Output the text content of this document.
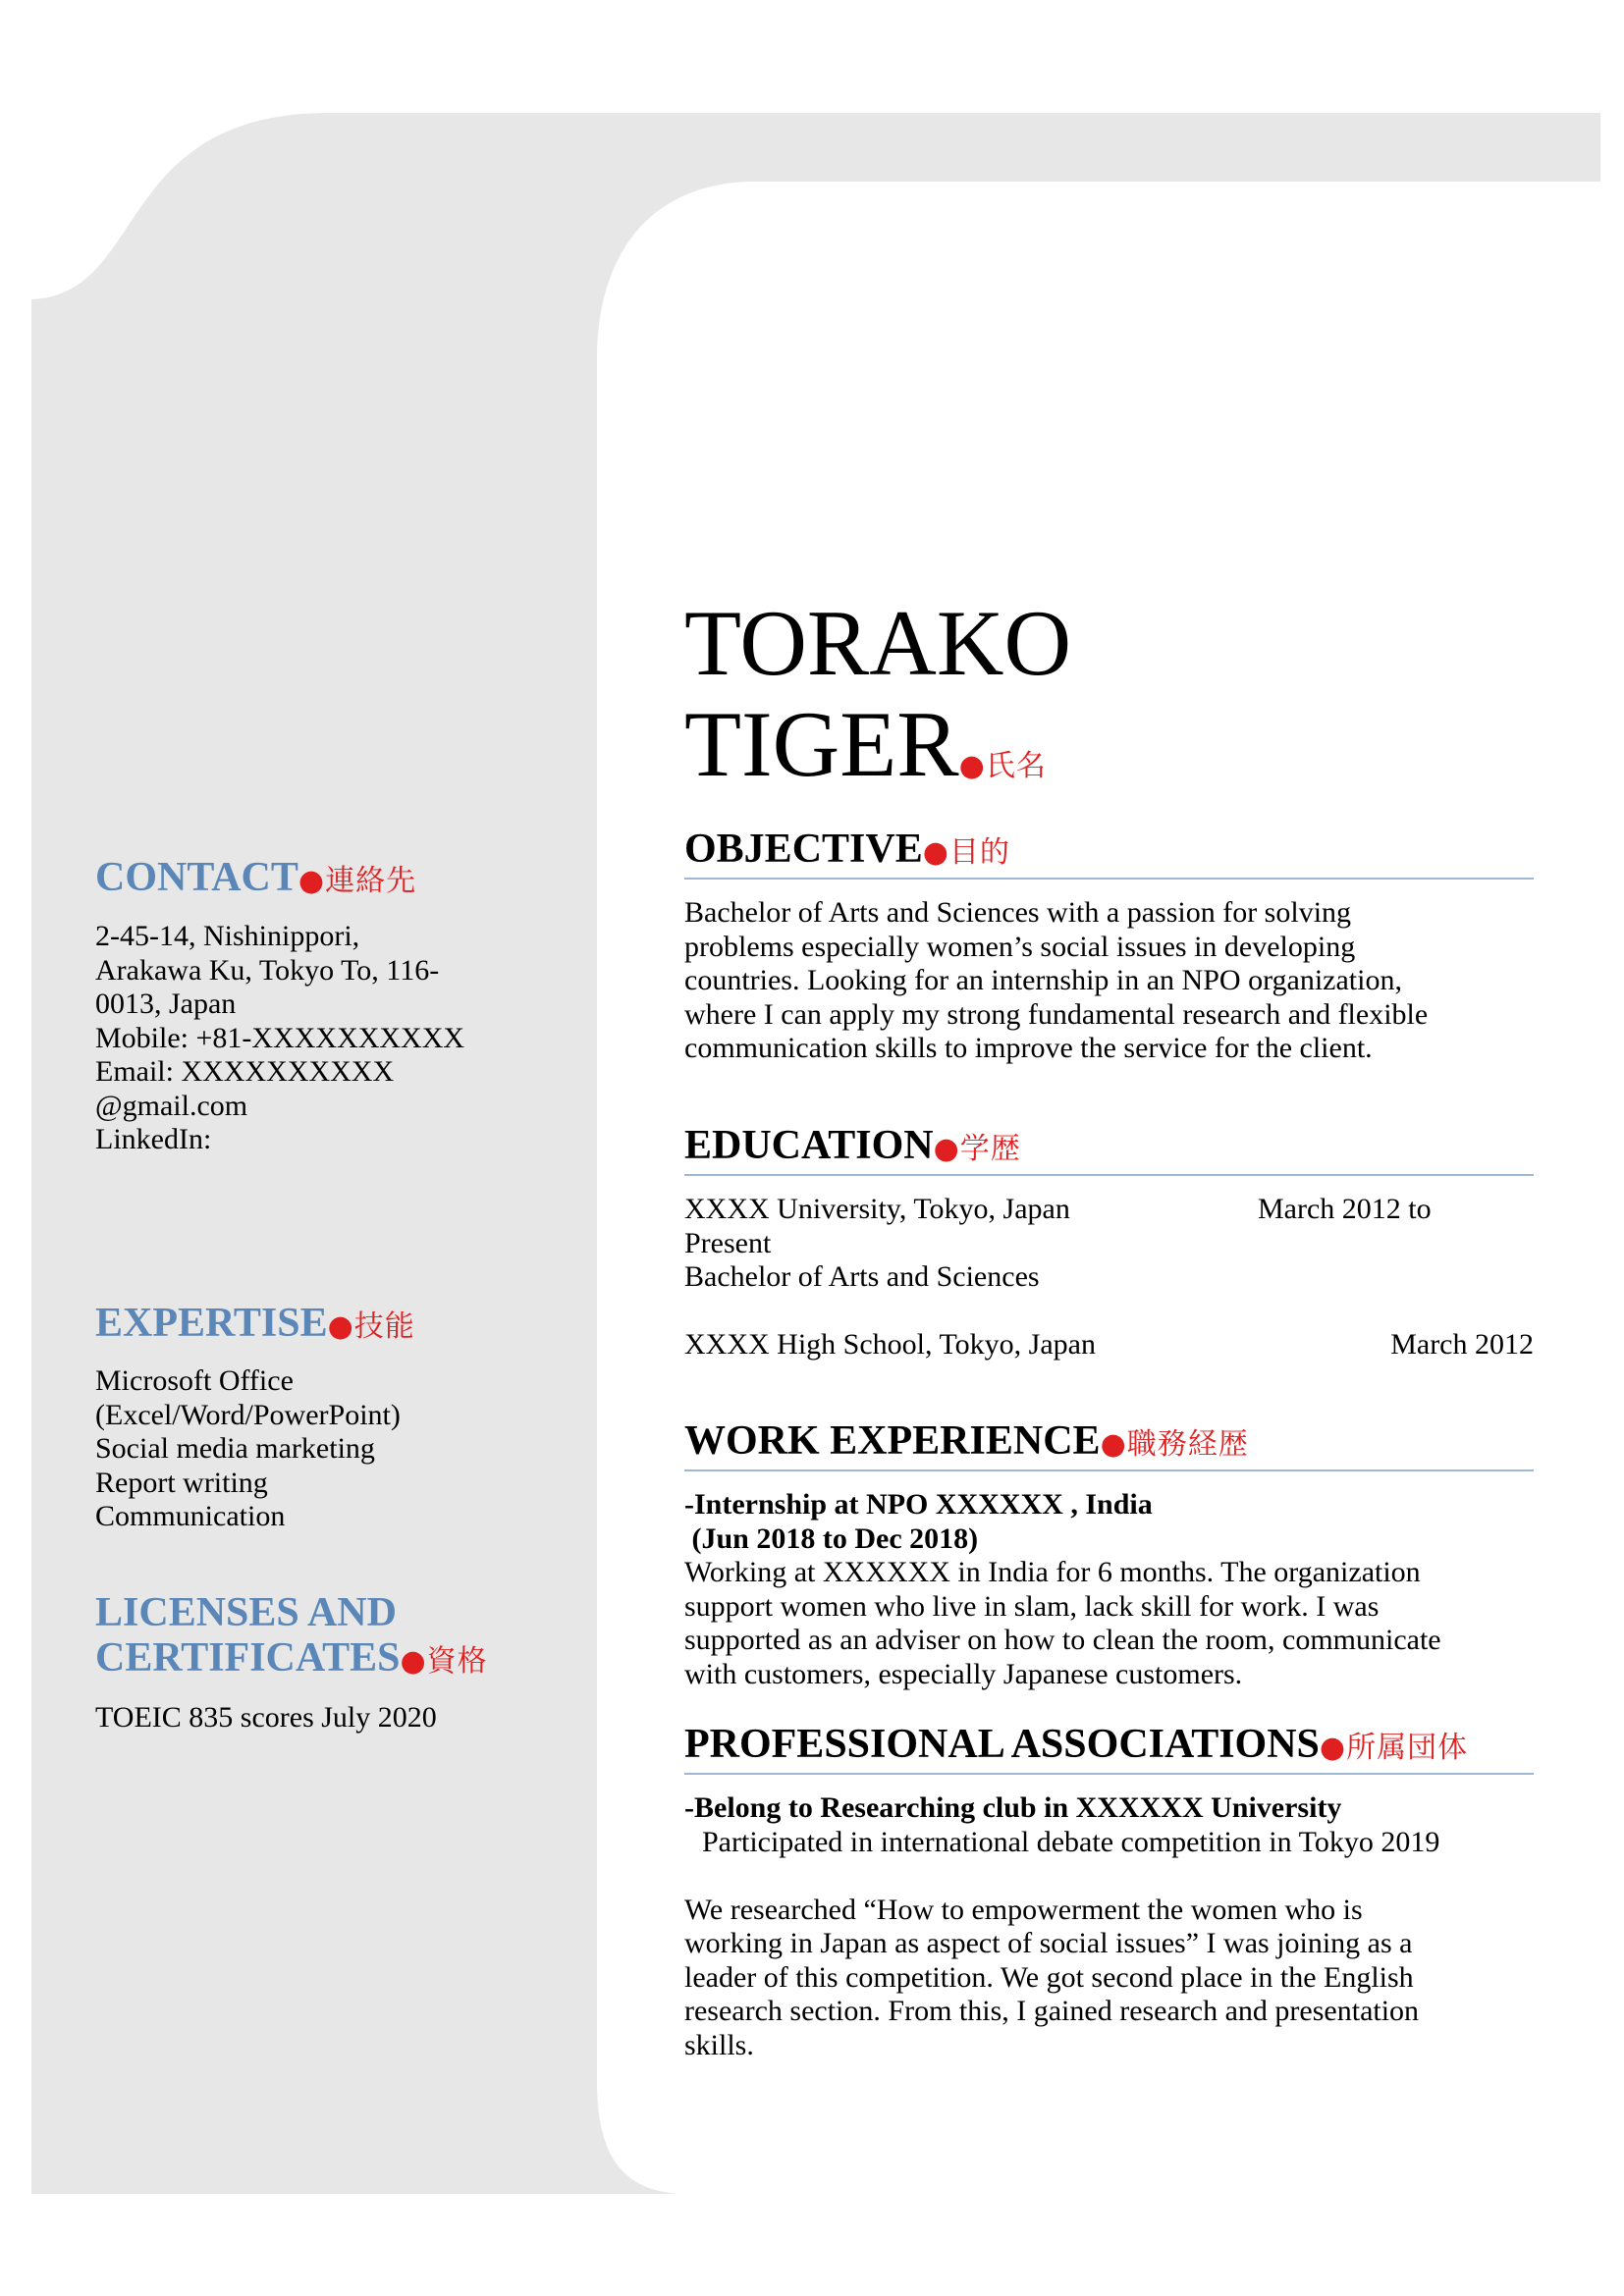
TORAKO
TIGER●氏名
CONTACT●連絡先
2-45-14, Nishinippori,
Arakawa Ku, Tokyo To, 116-
0013, Japan
Mobile: +81-XXXXXXXXXX
Email: XXXXXXXXXX
@gmail.com
LinkedIn:
EXPERTISE●技能
Microsoft Office
(Excel/Word/PowerPoint)
Social media marketing
Report writing
Communication
LICENSES AND
CERTIFICATES●資格
TOEIC 835 scores July 2020
OBJECTIVE●目的
Bachelor of Arts and Sciences with a passion for solving
problems especially women’s social issues in developing
countries. Looking for an internship in an NPO organization,
where I can apply my strong fundamental research and flexible
communication skills to improve the service for the client.
EDUCATION●学歴
XXXX University, Tokyo, Japan	March 2012 to
Present
Bachelor of Arts and Sciences
XXXX High School, Tokyo, Japan	March 2012
WORK EXPERIENCE●職務経歴
-Internship at NPO XXXXXX , India
(Jun 2018 to Dec 2018)
Working at XXXXXX in India for 6 months. The organization
support women who live in slam, lack skill for work. I was
supported as an adviser on how to clean the room, communicate
with customers, especially Japanese customers.
PROFESSIONAL ASSOCIATIONS●所属団体
-Belong to Researching club in XXXXXX University
Participated in international debate competition in Tokyo 2019
We researched “How to empowerment the women who is
working in Japan as aspect of social issues” I was joining as a
leader of this competition. We got second place in the English
research section. From this, I gained research and presentation
skills.
